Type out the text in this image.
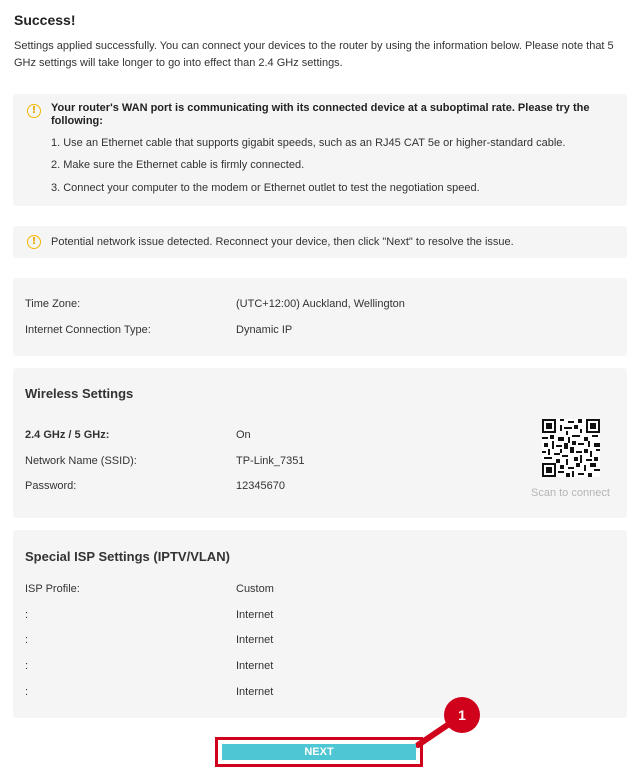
Success!
Settings applied successfully. You can connect your devices to the router by using the information below. Please note that 5 GHz settings will take longer to go into effect than 2.4 GHz settings.
!	Your router's WAN port is communicating with its connected device at a suboptimal rate. Please try the following:
1. Use an Ethernet cable that supports gigabit speeds, such as an RJ45 CAT 5e or higher-standard cable.
2. Make sure the Ethernet cable is firmly connected.
3. Connect your computer to the modem or Ethernet outlet to test the negotiation speed.
!	Potential network issue detected. Reconnect your device, then click "Next" to resolve the issue.
Time Zone:	(UTC+12:00) Auckland, Wellington
Internet Connection Type:	Dynamic IP
Wireless Settings
2.4 GHz / 5 GHz:	On
Network Name (SSID):	TP-Link_7351
Password:	12345670
Scan to connect
Special ISP Settings (IPTV/VLAN)
ISP Profile:	Custom
:	Internet
:	Internet
:	Internet
:	Internet
NEXT
1
